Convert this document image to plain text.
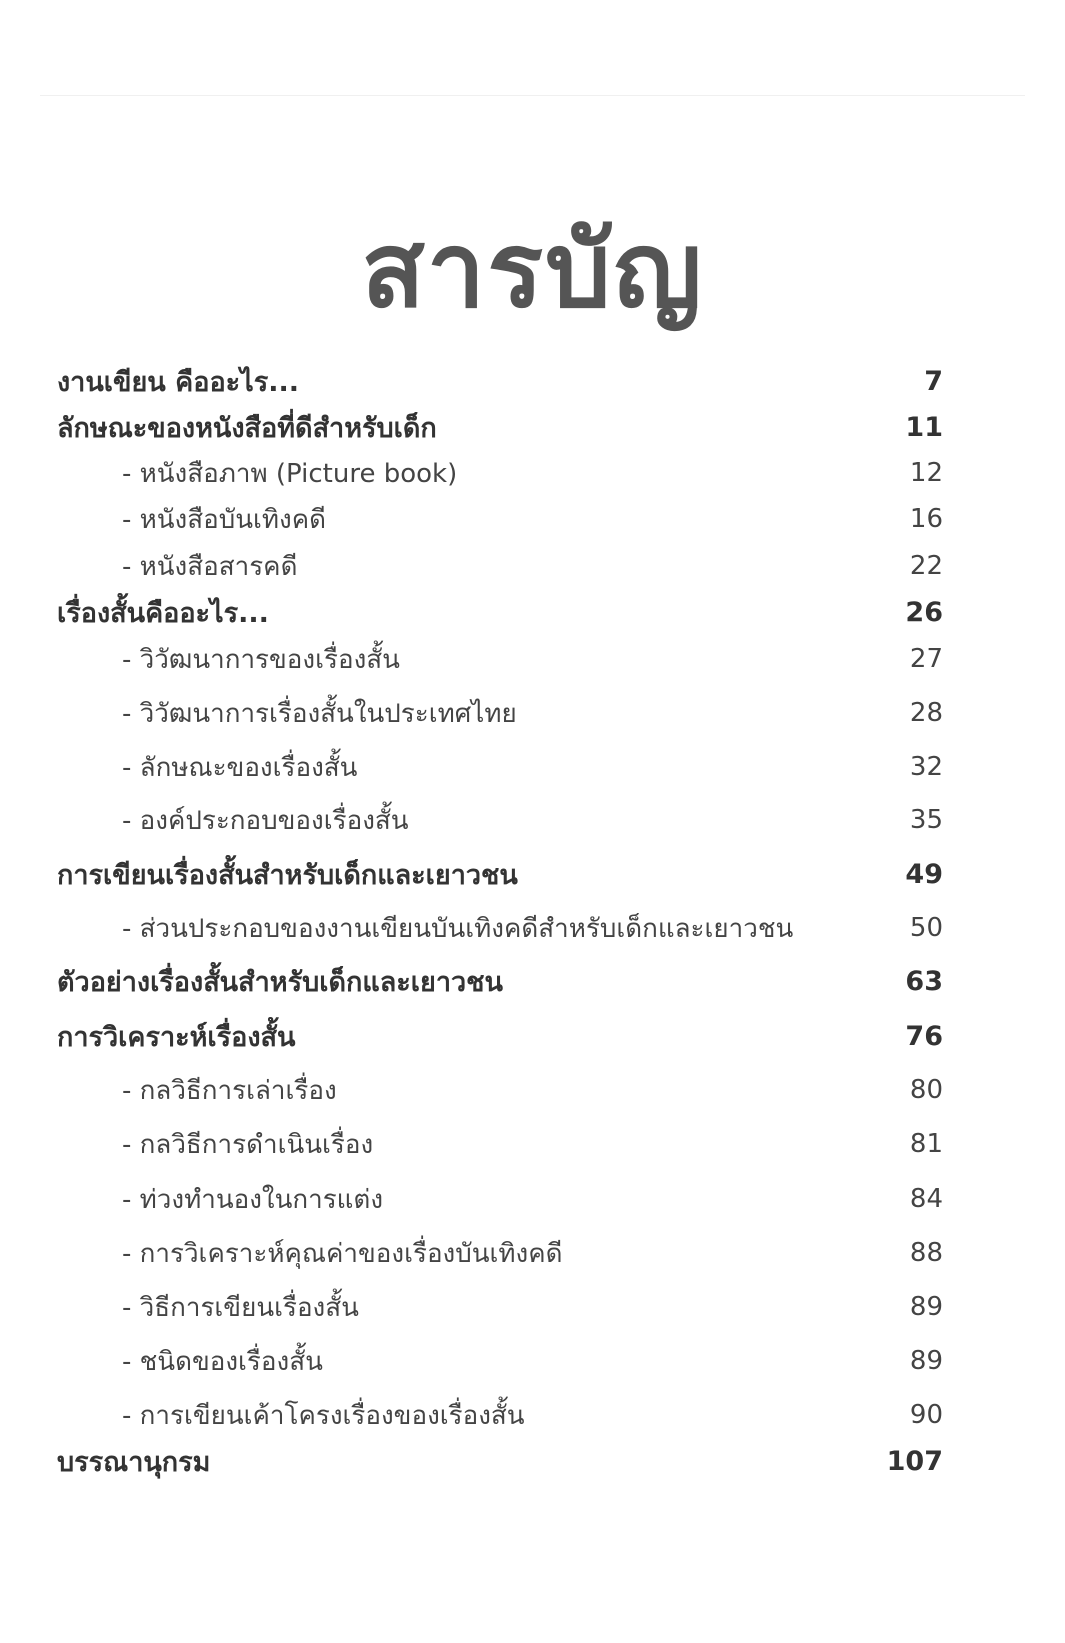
สารบัญ
งานเขียน คืออะไร...	7
ลักษณะของหนังสือที่ดีสำหรับเด็ก	11
- หนังสือภาพ (Picture book)	12
- หนังสือบันเทิงคดี	16
- หนังสือสารคดี	22
เรื่องสั้นคืออะไร...	26
- วิวัฒนาการของเรื่องสั้น	27
- วิวัฒนาการเรื่องสั้นในประเทศไทย	28
- ลักษณะของเรื่องสั้น	32
- องค์ประกอบของเรื่องสั้น	35
การเขียนเรื่องสั้นสำหรับเด็กและเยาวชน	49
- ส่วนประกอบของงานเขียนบันเทิงคดีสำหรับเด็กและเยาวชน	50
ตัวอย่างเรื่องสั้นสำหรับเด็กและเยาวชน	63
การวิเคราะห์เรื่องสั้น	76
- กลวิธีการเล่าเรื่อง	80
- กลวิธีการดำเนินเรื่อง	81
- ท่วงทำนองในการแต่ง	84
- การวิเคราะห์คุณค่าของเรื่องบันเทิงคดี	88
- วิธีการเขียนเรื่องสั้น	89
- ชนิดของเรื่องสั้น	89
- การเขียนเค้าโครงเรื่องของเรื่องสั้น	90
บรรณานุกรม	107
